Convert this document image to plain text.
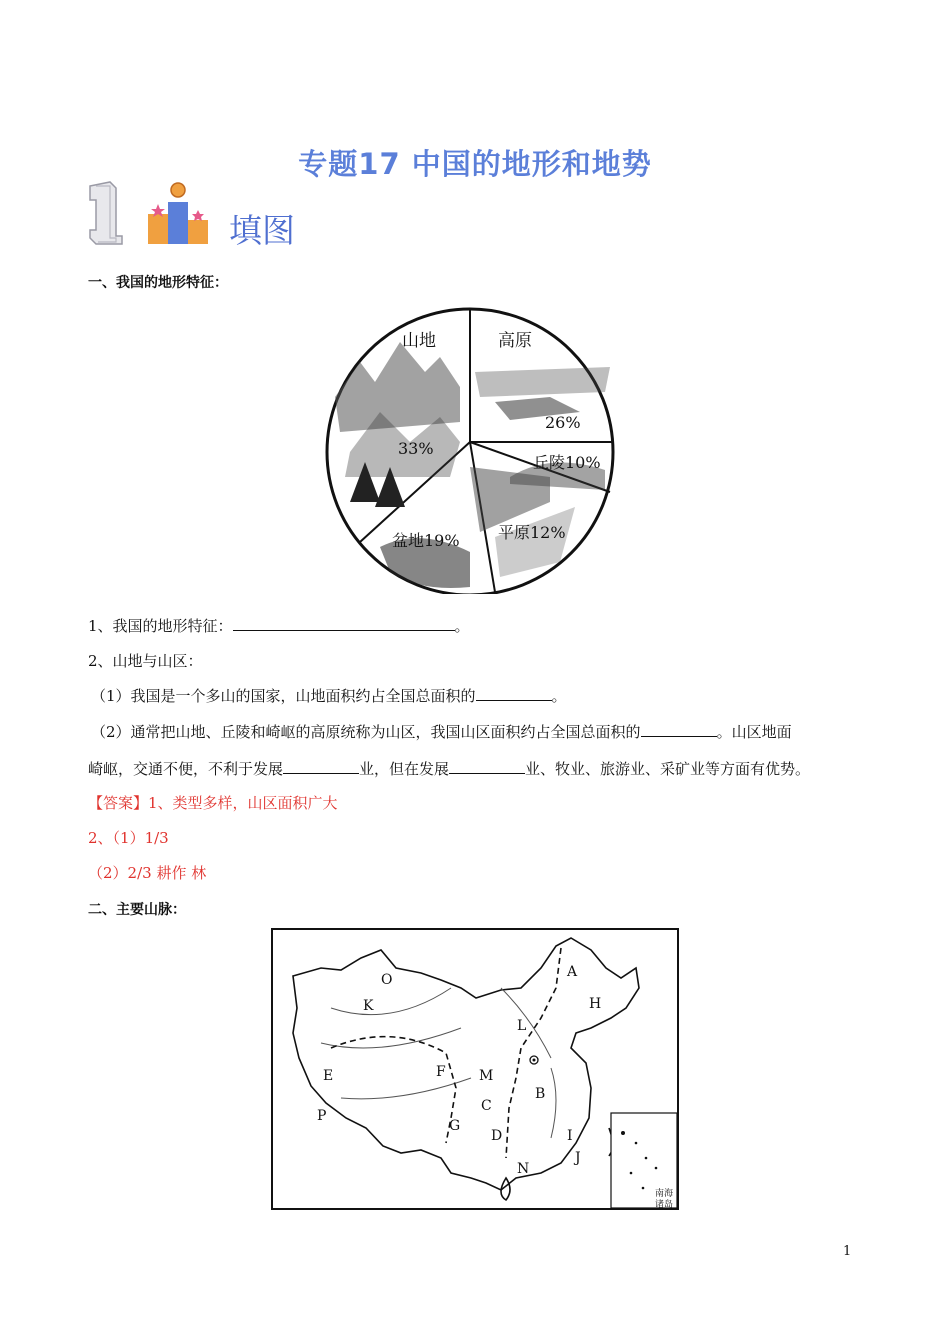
专题17 中国的地形和地势
填图
一、我国的地形特征：
山地	高原
26%
33%
丘陵10%
平原12%
盆地19%
1、我国的地形特征：	。
2、山地与山区：
（1）我国是一个多山的国家，山地面积约占全国总面积的	。
（2）通常把山地、丘陵和崎岖的高原统称为山区，我国山区面积约占全国总面积的	。山区地面
崎岖，交通不便，不利于发展	业，但在发展	业、牧业、旅游业、采矿业等方面有优势。
【答案】1、类型多样，山区面积广大
2、（1）1/3
（2）2/3 耕作 林
二、主要山脉：
南海
诸岛
O	A
H
K
L
E	F
B
P
M
C
G
D	I
J
N
1
